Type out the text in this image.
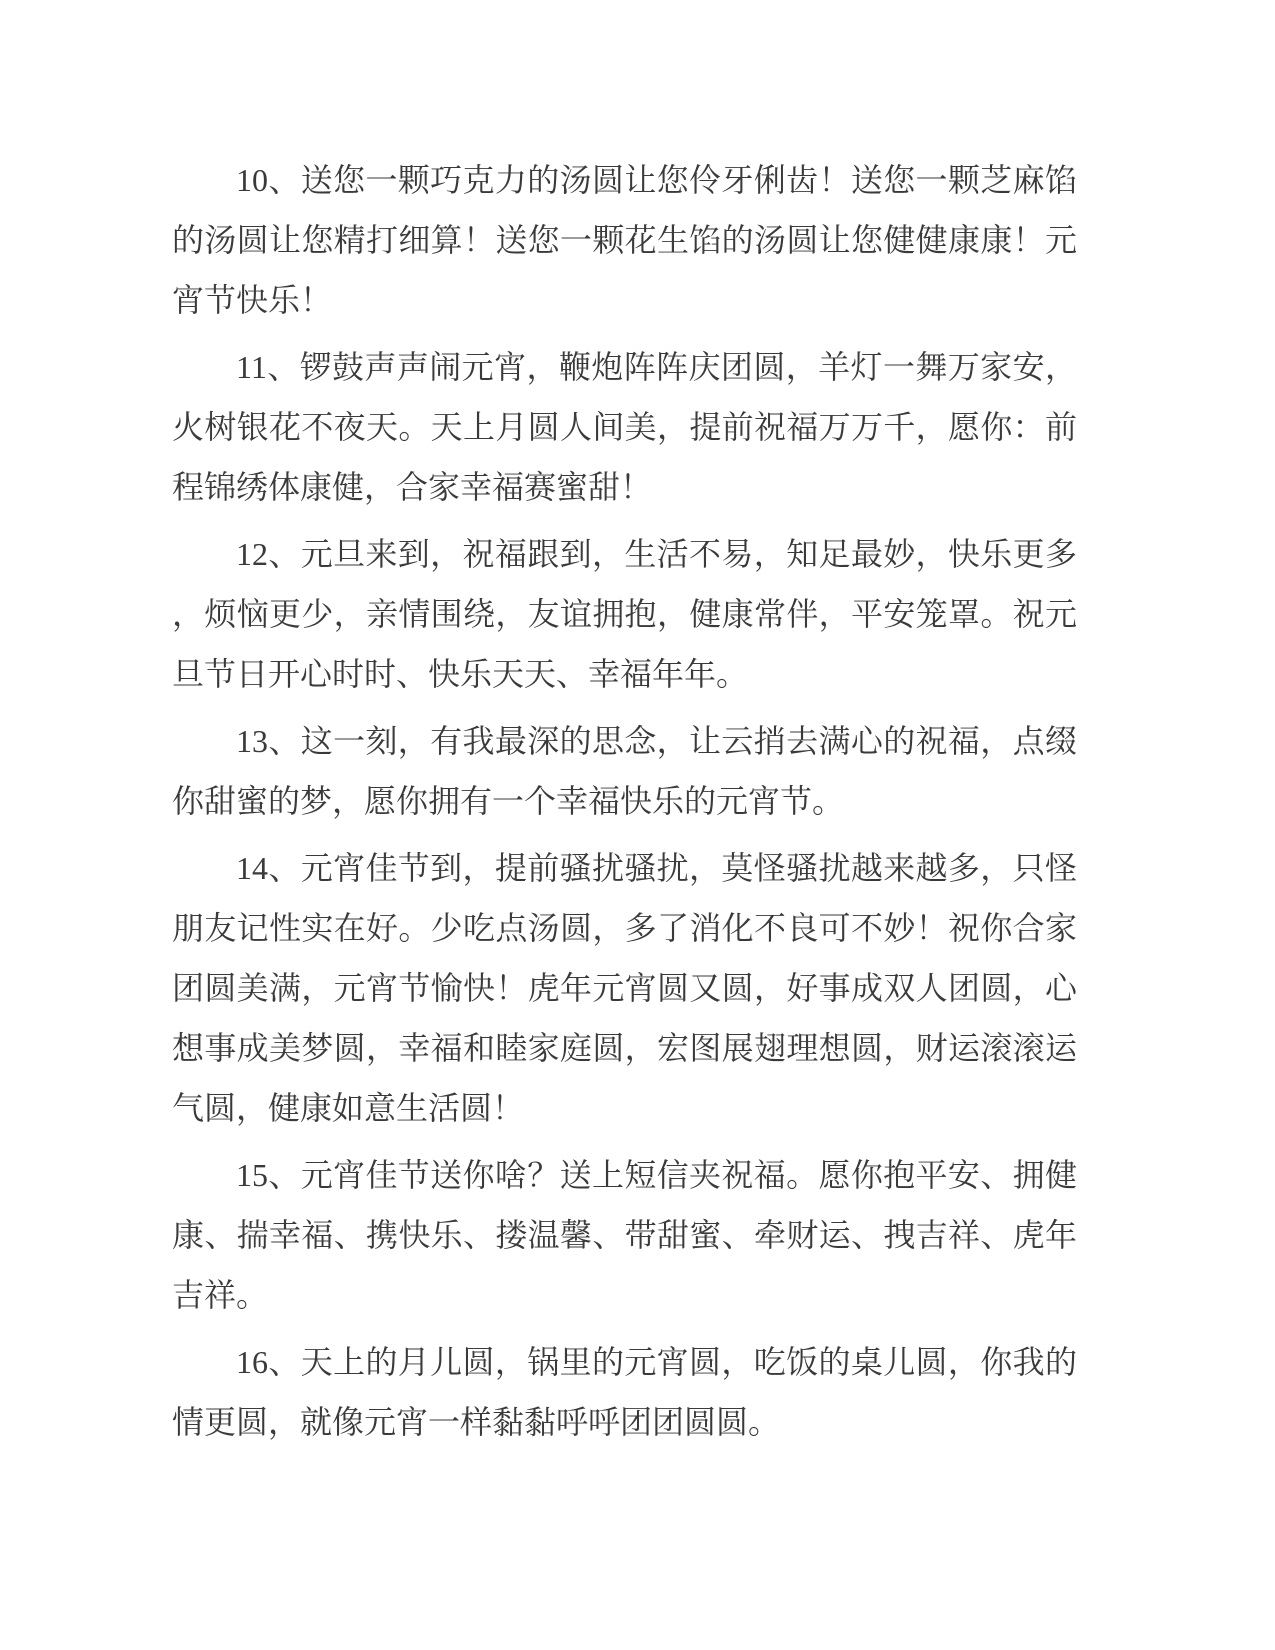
10、送您一颗巧克力的汤圆让您伶牙俐齿！送您一颗芝麻馅的汤圆让您精打细算！送您一颗花生馅的汤圆让您健健康康！元宵节快乐！

11、锣鼓声声闹元宵，鞭炮阵阵庆团圆，羊灯一舞万家安，火树银花不夜天。天上月圆人间美，提前祝福万万千，愿你：前程锦绣体康健，合家幸福赛蜜甜！

12、元旦来到，祝福跟到，生活不易，知足最妙，快乐更多，烦恼更少，亲情围绕，友谊拥抱，健康常伴，平安笼罩。祝元旦节日开心时时、快乐天天、幸福年年。

13、这一刻，有我最深的思念，让云捎去满心的祝福，点缀你甜蜜的梦，愿你拥有一个幸福快乐的元宵节。

14、元宵佳节到，提前骚扰骚扰，莫怪骚扰越来越多，只怪朋友记性实在好。少吃点汤圆，多了消化不良可不妙！祝你合家团圆美满，元宵节愉快！虎年元宵圆又圆，好事成双人团圆，心想事成美梦圆，幸福和睦家庭圆，宏图展翅理想圆，财运滚滚运气圆，健康如意生活圆！

15、元宵佳节送你啥？送上短信夹祝福。愿你抱平安、拥健康、揣幸福、携快乐、搂温馨、带甜蜜、牵财运、拽吉祥、虎年吉祥。

16、天上的月儿圆，锅里的元宵圆，吃饭的桌儿圆，你我的情更圆，就像元宵一样黏黏呼呼团团圆圆。
